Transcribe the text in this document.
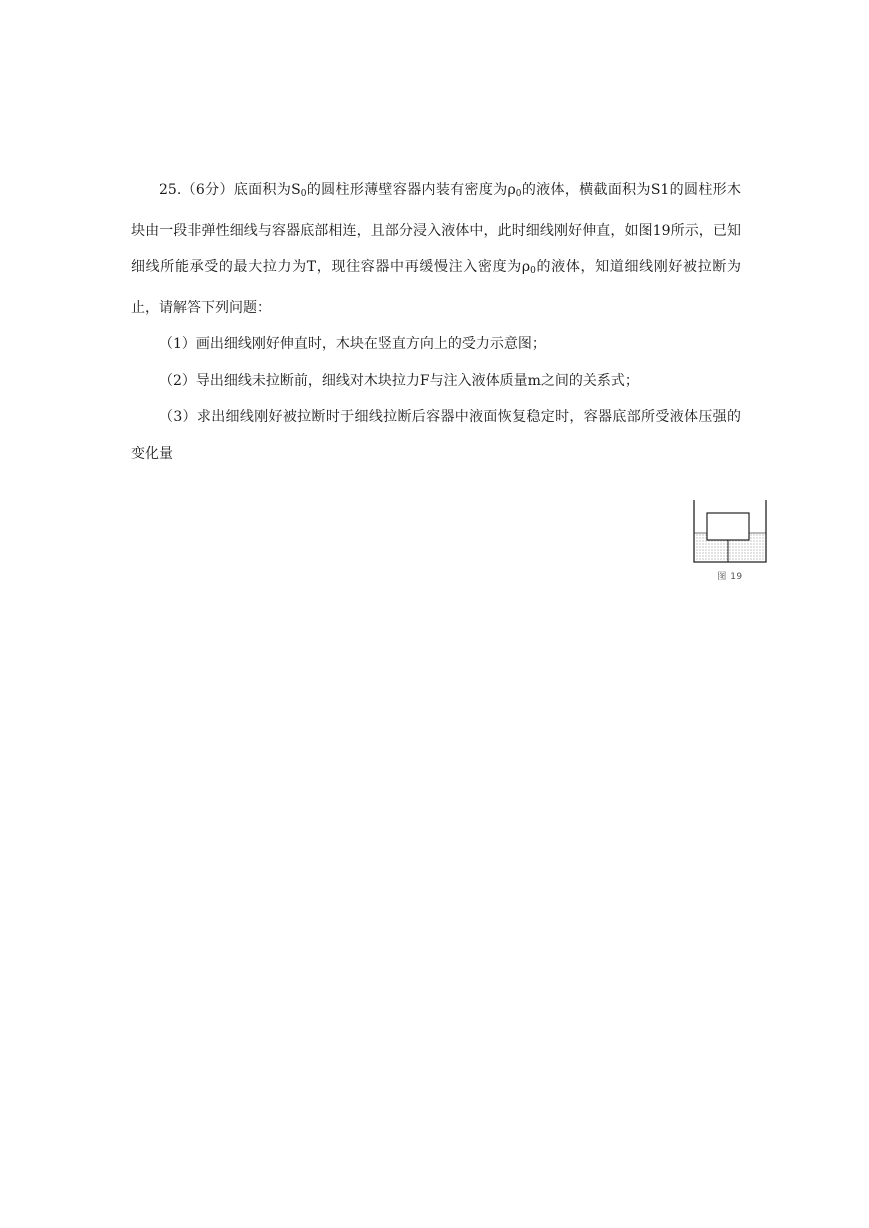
25.（6分）底面积为$S_0$的圆柱形薄壁容器内装有密度为$\rho_0$的液体，横截面积为S1的圆柱形木块由一段非弹性细线与容器底部相连，且部分浸入液体中，此时细线刚好伸直，如图19所示，已知细线所能承受的最大拉力为T，现往容器中再缓慢注入密度为$\rho_0$的液体，知道细线刚好被拉断为止，请解答下列问题：

（1）画出细线刚好伸直时，木块在竖直方向上的受力示意图；

（2）导出细线未拉断前，细线对木块拉力F与注入液体质量m之间的关系式；

（3）求出细线刚好被拉断时于细线拉断后容器中液面恢复稳定时，容器底部所受液体压强的变化量

图 19
